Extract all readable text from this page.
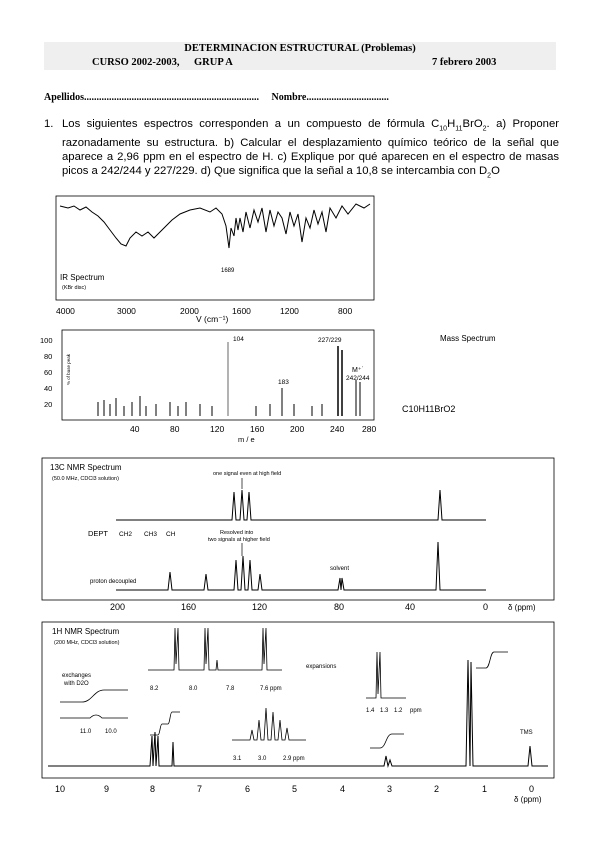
DETERMINACION ESTRUCTURAL (Problemas)
CURSO 2002-2003, GRUP A	7 febrero 2003
Apellidos...................................................................... Nombre.................................
1. Los siguientes espectros corresponden a un compuesto de fórmula $C_{10}H_{11}BrO_2$. a) Proponer razonadamente su estructura. b) Calcular el desplazamiento químico teórico de la señal que aparece a 2,96 ppm en el espectro de H. c) Explique por qué aparecen en el espectro de masas picos a 242/244 y 227/229. d) Que significa que la señal a 10,8 se intercambia con $D_2O$
IR Spectrum
(KBr disc)
1689
4000	3000	2000	1600	1200	800
V (cm⁻¹)
100
80
60
40
20
% of base peak
104	227/229
183
M⁺˙
242/244
Mass Spectrum
C10H11BrO2
40	80	120	160	200	240 280
m / e
13C NMR Spectrum
(50.0 MHz, CDCl3 solution)
one signal even at high field
DEPT CH2 CH3 CH	Resolved into
two signals at higher field
proton decoupled
solvent
200	160	120	80	40	0 δ (ppm)
1H NMR Spectrum
(200 MHz, CDCl3 solution)
exchanges
with D2O
11.0 10.0
8.2	8.0	7.8	7.6 ppm
3.1	3.0	2.9 ppm
expansions
1.4 1.3 1.2 ppm
TMS
10	9	8	7	6	5	4	3	2	1	0
δ (ppm)
